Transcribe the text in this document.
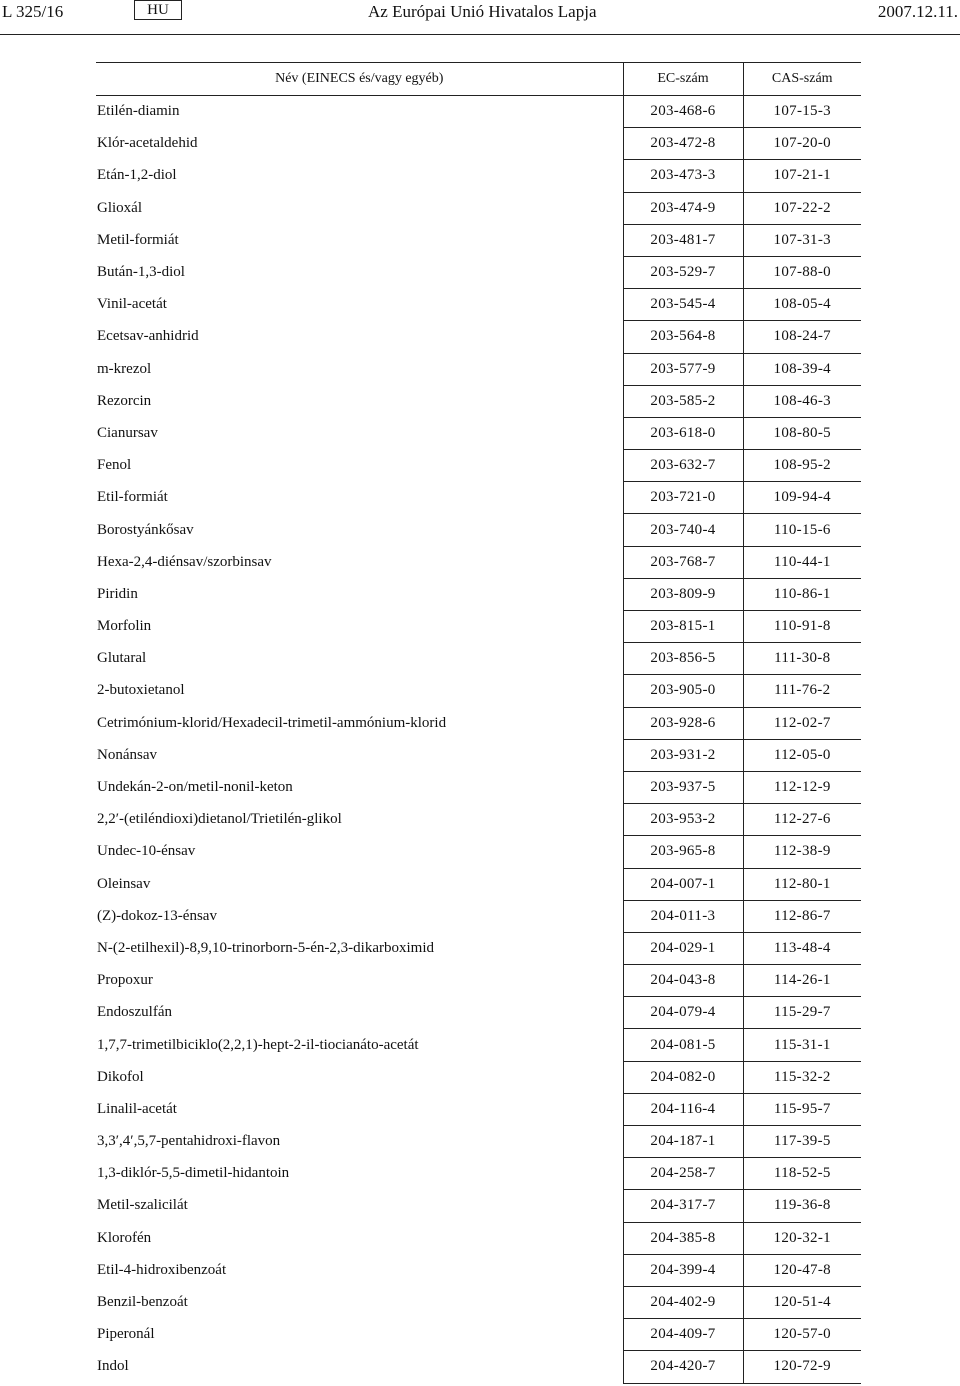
L 325/16	HU	Az Európai Unió Hivatalos Lapja	2007.12.11.
Név (EINECS és/vagy egyéb)	EC-szám	CAS-szám
Etilén-diamin	203-468-6	107-15-3
Klór-acetaldehid	203-472-8	107-20-0
Etán-1,2-diol	203-473-3	107-21-1
Glioxál	203-474-9	107-22-2
Metil-formiát	203-481-7	107-31-3
Bután-1,3-diol	203-529-7	107-88-0
Vinil-acetát	203-545-4	108-05-4
Ecetsav-anhidrid	203-564-8	108-24-7
m-krezol	203-577-9	108-39-4
Rezorcin	203-585-2	108-46-3
Cianursav	203-618-0	108-80-5
Fenol	203-632-7	108-95-2
Etil-formiát	203-721-0	109-94-4
Borostyánkősav	203-740-4	110-15-6
Hexa-2,4-diénsav/szorbinsav	203-768-7	110-44-1
Piridin	203-809-9	110-86-1
Morfolin	203-815-1	110-91-8
Glutaral	203-856-5	111-30-8
2-butoxietanol	203-905-0	111-76-2
Cetrimónium-klorid/Hexadecil-trimetil-ammónium-klorid	203-928-6	112-02-7
Nonánsav	203-931-2	112-05-0
Undekán-2-on/metil-nonil-keton	203-937-5	112-12-9
2,2′-(etiléndioxi)dietanol/Trietilén-glikol	203-953-2	112-27-6
Undec-10-énsav	203-965-8	112-38-9
Oleinsav	204-007-1	112-80-1
(Z)-dokoz-13-énsav	204-011-3	112-86-7
N-(2-etilhexil)-8,9,10-trinorborn-5-én-2,3-dikarboximid	204-029-1	113-48-4
Propoxur	204-043-8	114-26-1
Endoszulfán	204-079-4	115-29-7
1,7,7-trimetilbiciklo(2,2,1)-hept-2-il-tiocianáto-acetát	204-081-5	115-31-1
Dikofol	204-082-0	115-32-2
Linalil-acetát	204-116-4	115-95-7
3,3′,4′,5,7-pentahidroxi-flavon	204-187-1	117-39-5
1,3-diklór-5,5-dimetil-hidantoin	204-258-7	118-52-5
Metil-szalicilát	204-317-7	119-36-8
Klorofén	204-385-8	120-32-1
Etil-4-hidroxibenzoát	204-399-4	120-47-8
Benzil-benzoát	204-402-9	120-51-4
Piperonál	204-409-7	120-57-0
Indol	204-420-7	120-72-9
